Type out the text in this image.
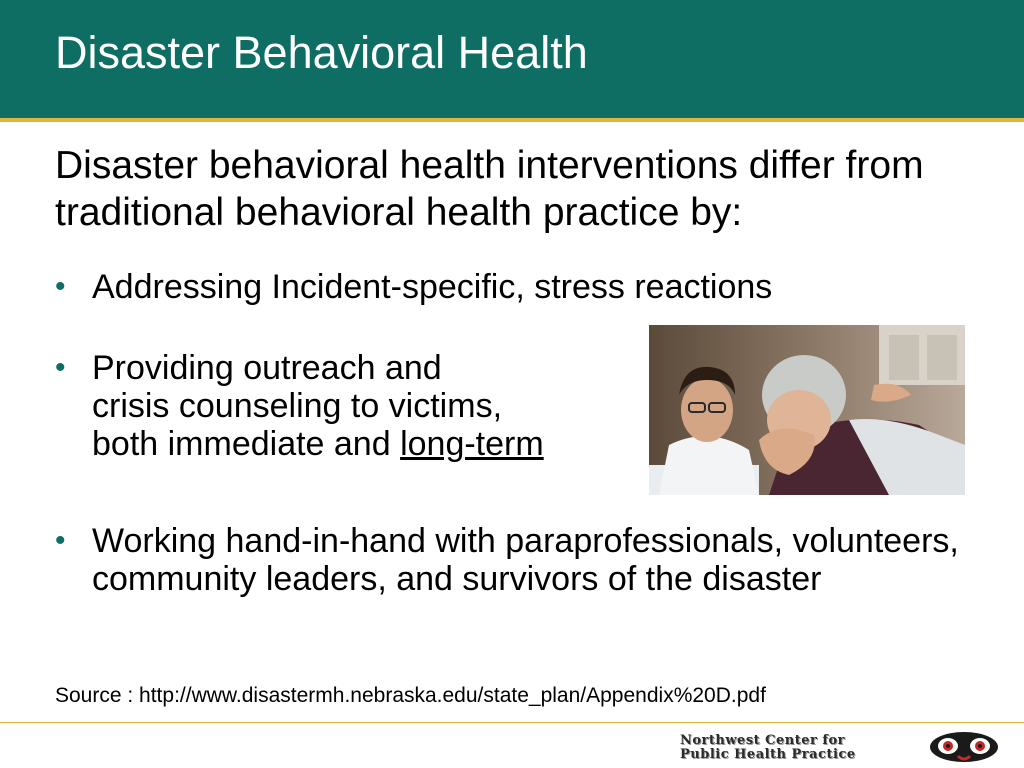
Disaster Behavioral Health
Disaster behavioral health interventions differ from traditional behavioral health practice by:
• Addressing Incident-specific, stress reactions
• Providing outreach and
crisis counseling to victims,
both immediate and long-term
• Working hand-in-hand with paraprofessionals, volunteers, community leaders, and survivors of the disaster
Source : http://www.disastermh.nebraska.edu/state_plan/Appendix%20D.pdf
Northwest Center for
Public Health Practice
